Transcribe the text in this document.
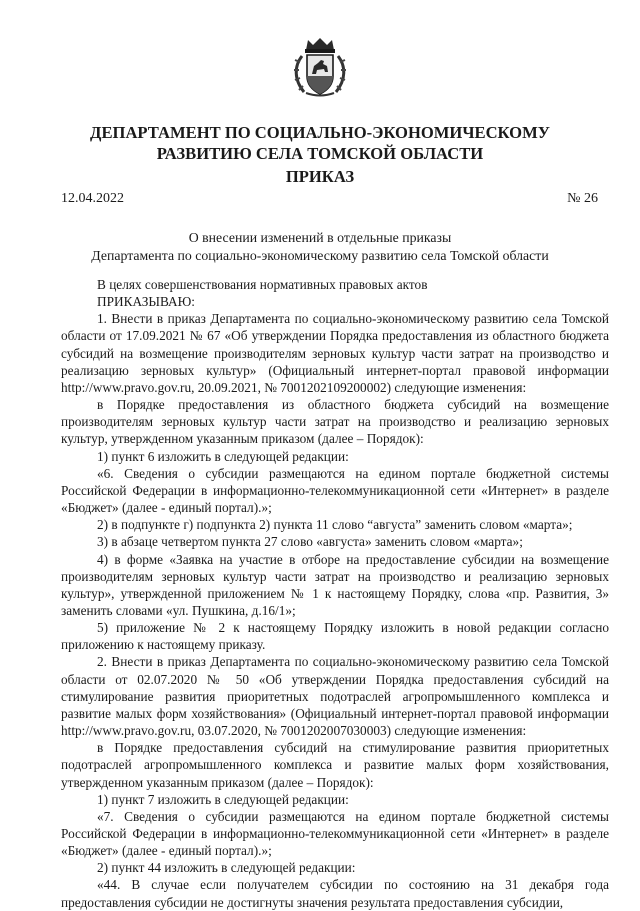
ДЕПАРТАМЕНТ ПО СОЦИАЛЬНО-ЭКОНОМИЧЕСКОМУ
РАЗВИТИЮ СЕЛА ТОМСКОЙ ОБЛАСТИ
ПРИКАЗ
12.04.2022	№ 26
О внесении изменений в отдельные приказы
Департамента по социально-экономическому развитию села Томской области

В целях совершенствования нормативных правовых актов

ПРИКАЗЫВАЮ:

1. Внести в приказ Департамента по социально-экономическому развитию села Томской области от 17.09.2021 № 67 «Об утверждении Порядка предоставления из областного бюджета субсидий на возмещение производителям зерновых культур части затрат на производство и реализацию зерновых культур» (Официальный интернет-портал правовой информации http://www.pravo.gov.ru, 20.09.2021, № 7001202109200002) следующие изменения:

в Порядке предоставления из областного бюджета субсидий на возмещение производителям зерновых культур части затрат на производство и реализацию зерновых культур, утвержденном указанным приказом (далее – Порядок):

1) пункт 6 изложить в следующей редакции:

«6. Сведения о субсидии размещаются на едином портале бюджетной системы Российской Федерации в информационно-телекоммуникационной сети «Интернет» в разделе «Бюджет» (далее - единый портал).»;

2) в подпункте г) подпункта 2) пункта 11 слово “августа” заменить словом «марта»;

3) в абзаце четвертом пункта 27 слово «августа» заменить словом «марта»;

4) в форме «Заявка на участие в отборе на предоставление субсидии на возмещение производителям зерновых культур части затрат на производство и реализацию зерновых культур», утвержденной приложением № 1 к настоящему Порядку, слова «пр. Развития, 3» заменить словами «ул. Пушкина, д.16/1»;

5) приложение № 2 к настоящему Порядку изложить в новой редакции согласно приложению к настоящему приказу.

2. Внести в приказ Департамента по социально-экономическому развитию села Томской области от 02.07.2020 № 50 «Об утверждении Порядка предоставления субсидий на стимулирование развития приоритетных подотраслей агропромышленного комплекса и развитие малых форм хозяйствования» (Официальный интернет-портал правовой информации http://www.pravo.gov.ru, 03.07.2020, № 7001202007030003) следующие изменения:

в Порядке предоставления субсидий на стимулирование развития приоритетных подотраслей агропромышленного комплекса и развитие малых форм хозяйствования, утвержденном указанным приказом (далее – Порядок):

1) пункт 7 изложить в следующей редакции:

«7. Сведения о субсидии размещаются на едином портале бюджетной системы Российской Федерации в информационно-телекоммуникационной сети «Интернет» в разделе «Бюджет» (далее - единый портал).»;

2) пункт 44 изложить в следующей редакции:

«44. В случае если получателем субсидии по состоянию на 31 декабря года предоставления субсидии не достигнуты значения результата предоставления субсидии,
